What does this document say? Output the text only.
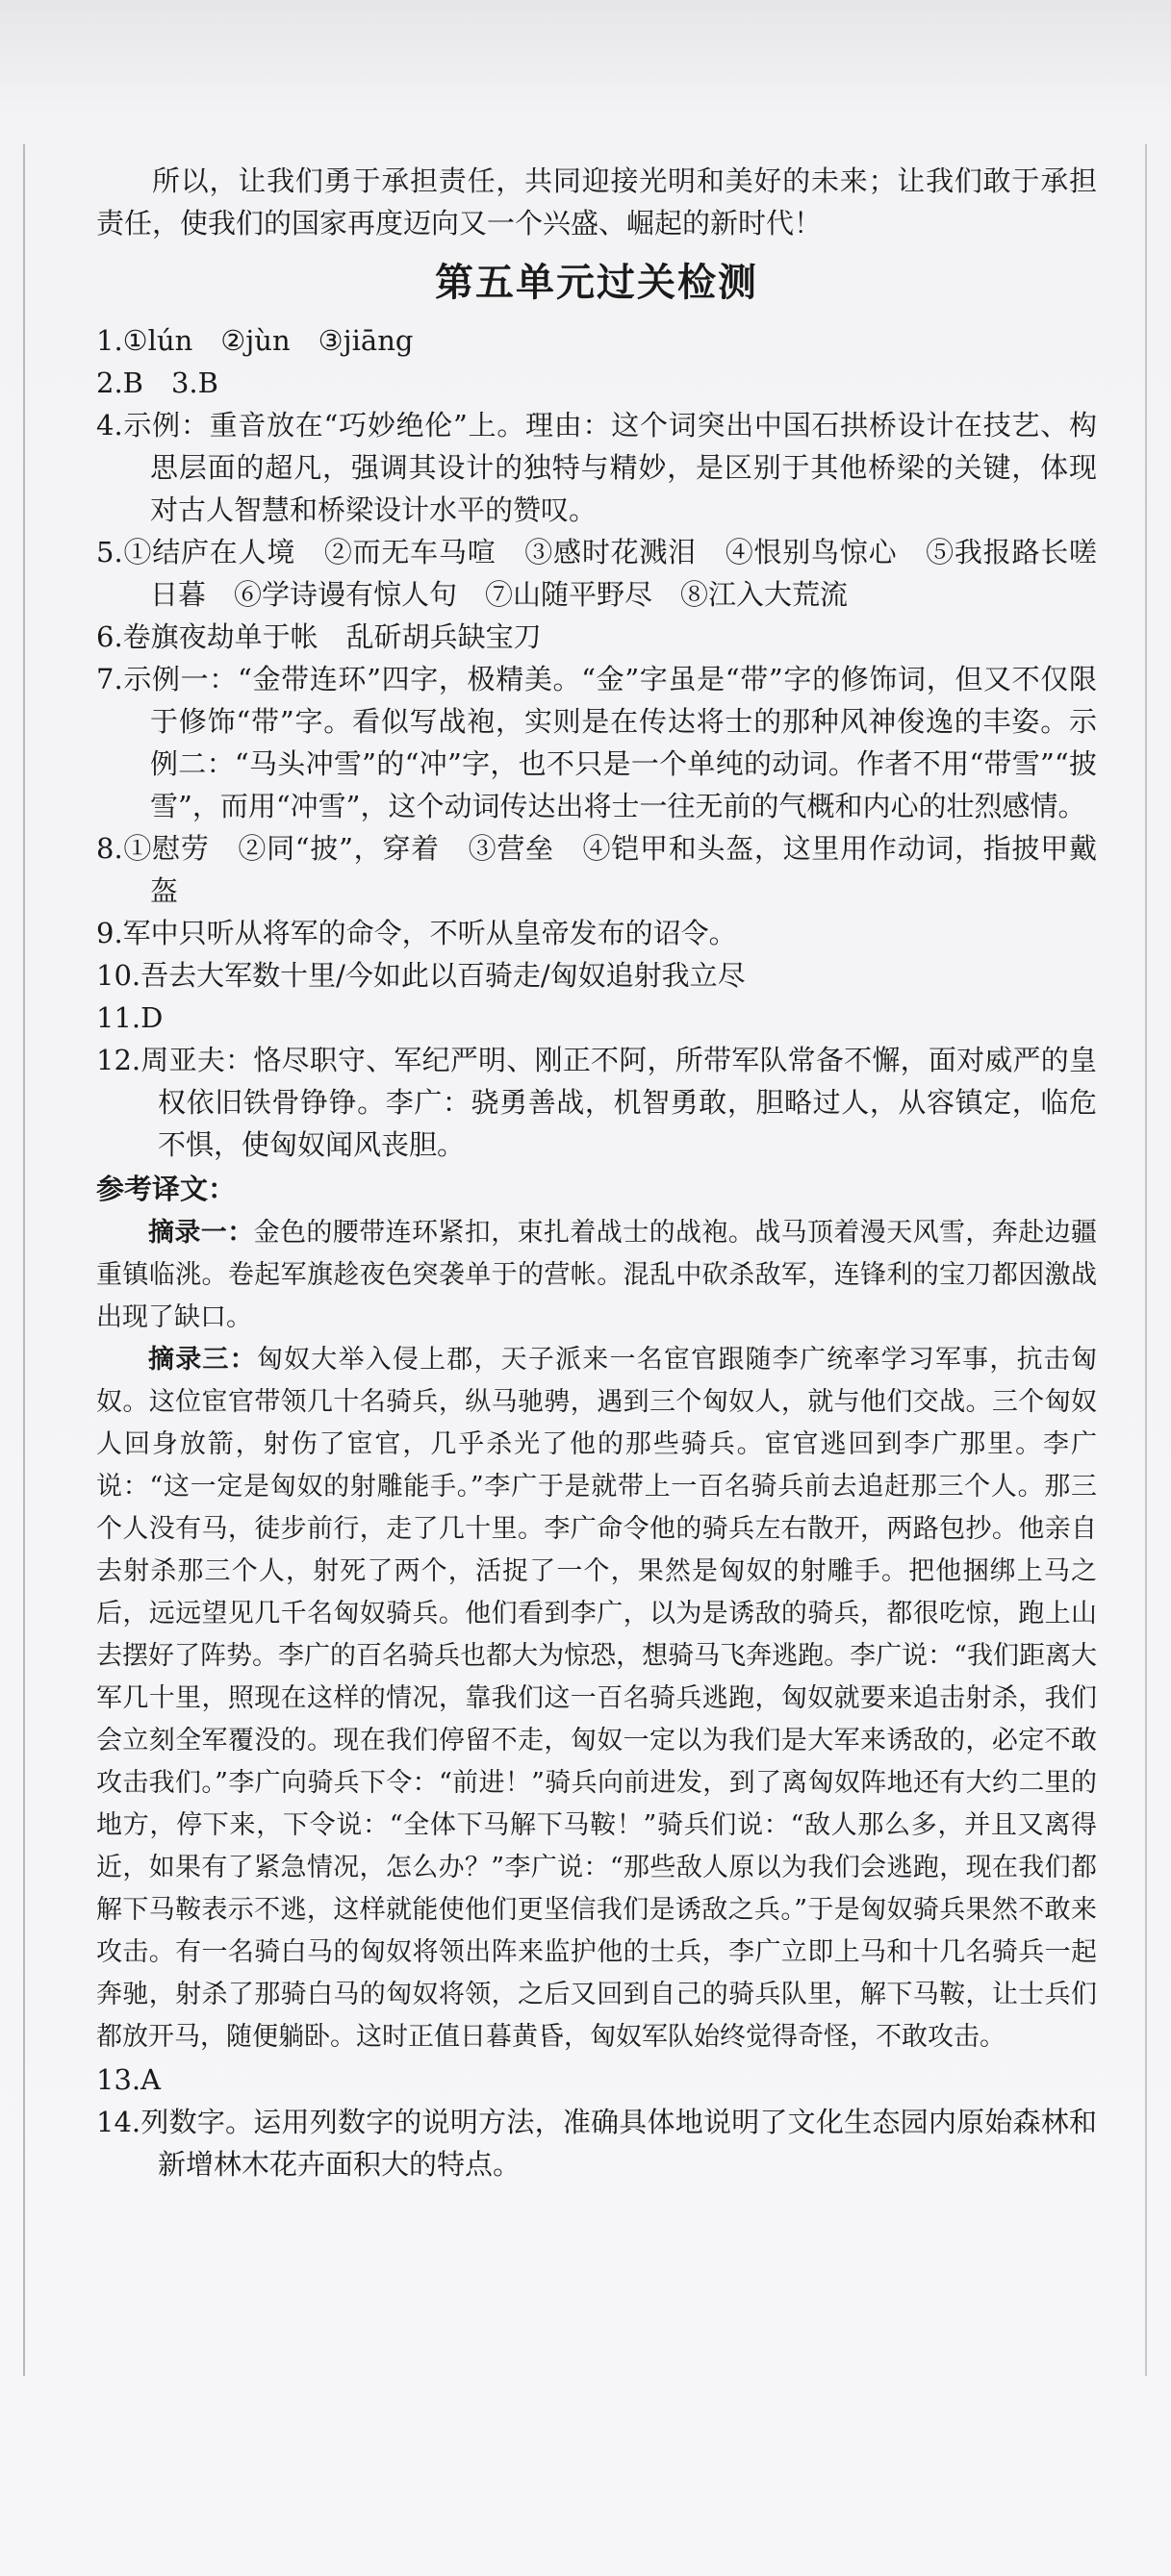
所以，让我们勇于承担责任，共同迎接光明和美好的未来；让我们敢于承担责任，使我们的国家再度迈向又一个兴盛、崛起的新时代！

第五单元过关检测

1.①lún　②jùn　③jiāng

2.B　3.B

4.示例：重音放在“巧妙绝伦”上。理由：这个词突出中国石拱桥设计在技艺、构思层面的超凡，强调其设计的独特与精妙，是区别于其他桥梁的关键，体现对古人智慧和桥梁设计水平的赞叹。

5.①结庐在人境　②而无车马喧　③感时花溅泪　④恨别鸟惊心　⑤我报路长嗟日暮　⑥学诗谩有惊人句　⑦山随平野尽　⑧江入大荒流

6.卷旗夜劫单于帐　乱斫胡兵缺宝刀

7.示例一：“金带连环”四字，极精美。“金”字虽是“带”字的修饰词，但又不仅限于修饰“带”字。看似写战袍，实则是在传达将士的那种风神俊逸的丰姿。示例二：“马头冲雪”的“冲”字，也不只是一个单纯的动词。作者不用“带雪”“披雪”，而用“冲雪”，这个动词传达出将士一往无前的气概和内心的壮烈感情。

8.①慰劳　②同“披”，穿着　③营垒　④铠甲和头盔，这里用作动词，指披甲戴盔

9.军中只听从将军的命令，不听从皇帝发布的诏令。

10.吾去大军数十里/今如此以百骑走/匈奴追射我立尽

11.D

12.周亚夫：恪尽职守、军纪严明、刚正不阿，所带军队常备不懈，面对威严的皇权依旧铁骨铮铮。李广：骁勇善战，机智勇敢，胆略过人，从容镇定，临危不惧，使匈奴闻风丧胆。

参考译文：

摘录一：金色的腰带连环紧扣，束扎着战士的战袍。战马顶着漫天风雪，奔赴边疆重镇临洮。卷起军旗趁夜色突袭单于的营帐。混乱中砍杀敌军，连锋利的宝刀都因激战出现了缺口。

摘录三：匈奴大举入侵上郡，天子派来一名宦官跟随李广统率学习军事，抗击匈奴。这位宦官带领几十名骑兵，纵马驰骋，遇到三个匈奴人，就与他们交战。三个匈奴人回身放箭，射伤了宦官，几乎杀光了他的那些骑兵。宦官逃回到李广那里。李广说：“这一定是匈奴的射雕能手。”李广于是就带上一百名骑兵前去追赶那三个人。那三个人没有马，徒步前行，走了几十里。李广命令他的骑兵左右散开，两路包抄。他亲自去射杀那三个人，射死了两个，活捉了一个，果然是匈奴的射雕手。把他捆绑上马之后，远远望见几千名匈奴骑兵。他们看到李广，以为是诱敌的骑兵，都很吃惊，跑上山去摆好了阵势。李广的百名骑兵也都大为惊恐，想骑马飞奔逃跑。李广说：“我们距离大军几十里，照现在这样的情况，靠我们这一百名骑兵逃跑，匈奴就要来追击射杀，我们会立刻全军覆没的。现在我们停留不走，匈奴一定以为我们是大军来诱敌的，必定不敢攻击我们。”李广向骑兵下令：“前进！”骑兵向前进发，到了离匈奴阵地还有大约二里的地方，停下来，下令说：“全体下马解下马鞍！”骑兵们说：“敌人那么多，并且又离得近，如果有了紧急情况，怎么办？”李广说：“那些敌人原以为我们会逃跑，现在我们都解下马鞍表示不逃，这样就能使他们更坚信我们是诱敌之兵。”于是匈奴骑兵果然不敢来攻击。有一名骑白马的匈奴将领出阵来监护他的士兵，李广立即上马和十几名骑兵一起奔驰，射杀了那骑白马的匈奴将领，之后又回到自己的骑兵队里，解下马鞍，让士兵们都放开马，随便躺卧。这时正值日暮黄昏，匈奴军队始终觉得奇怪，不敢攻击。

13.A

14.列数字。运用列数字的说明方法，准确具体地说明了文化生态园内原始森林和新增林木花卉面积大的特点。
